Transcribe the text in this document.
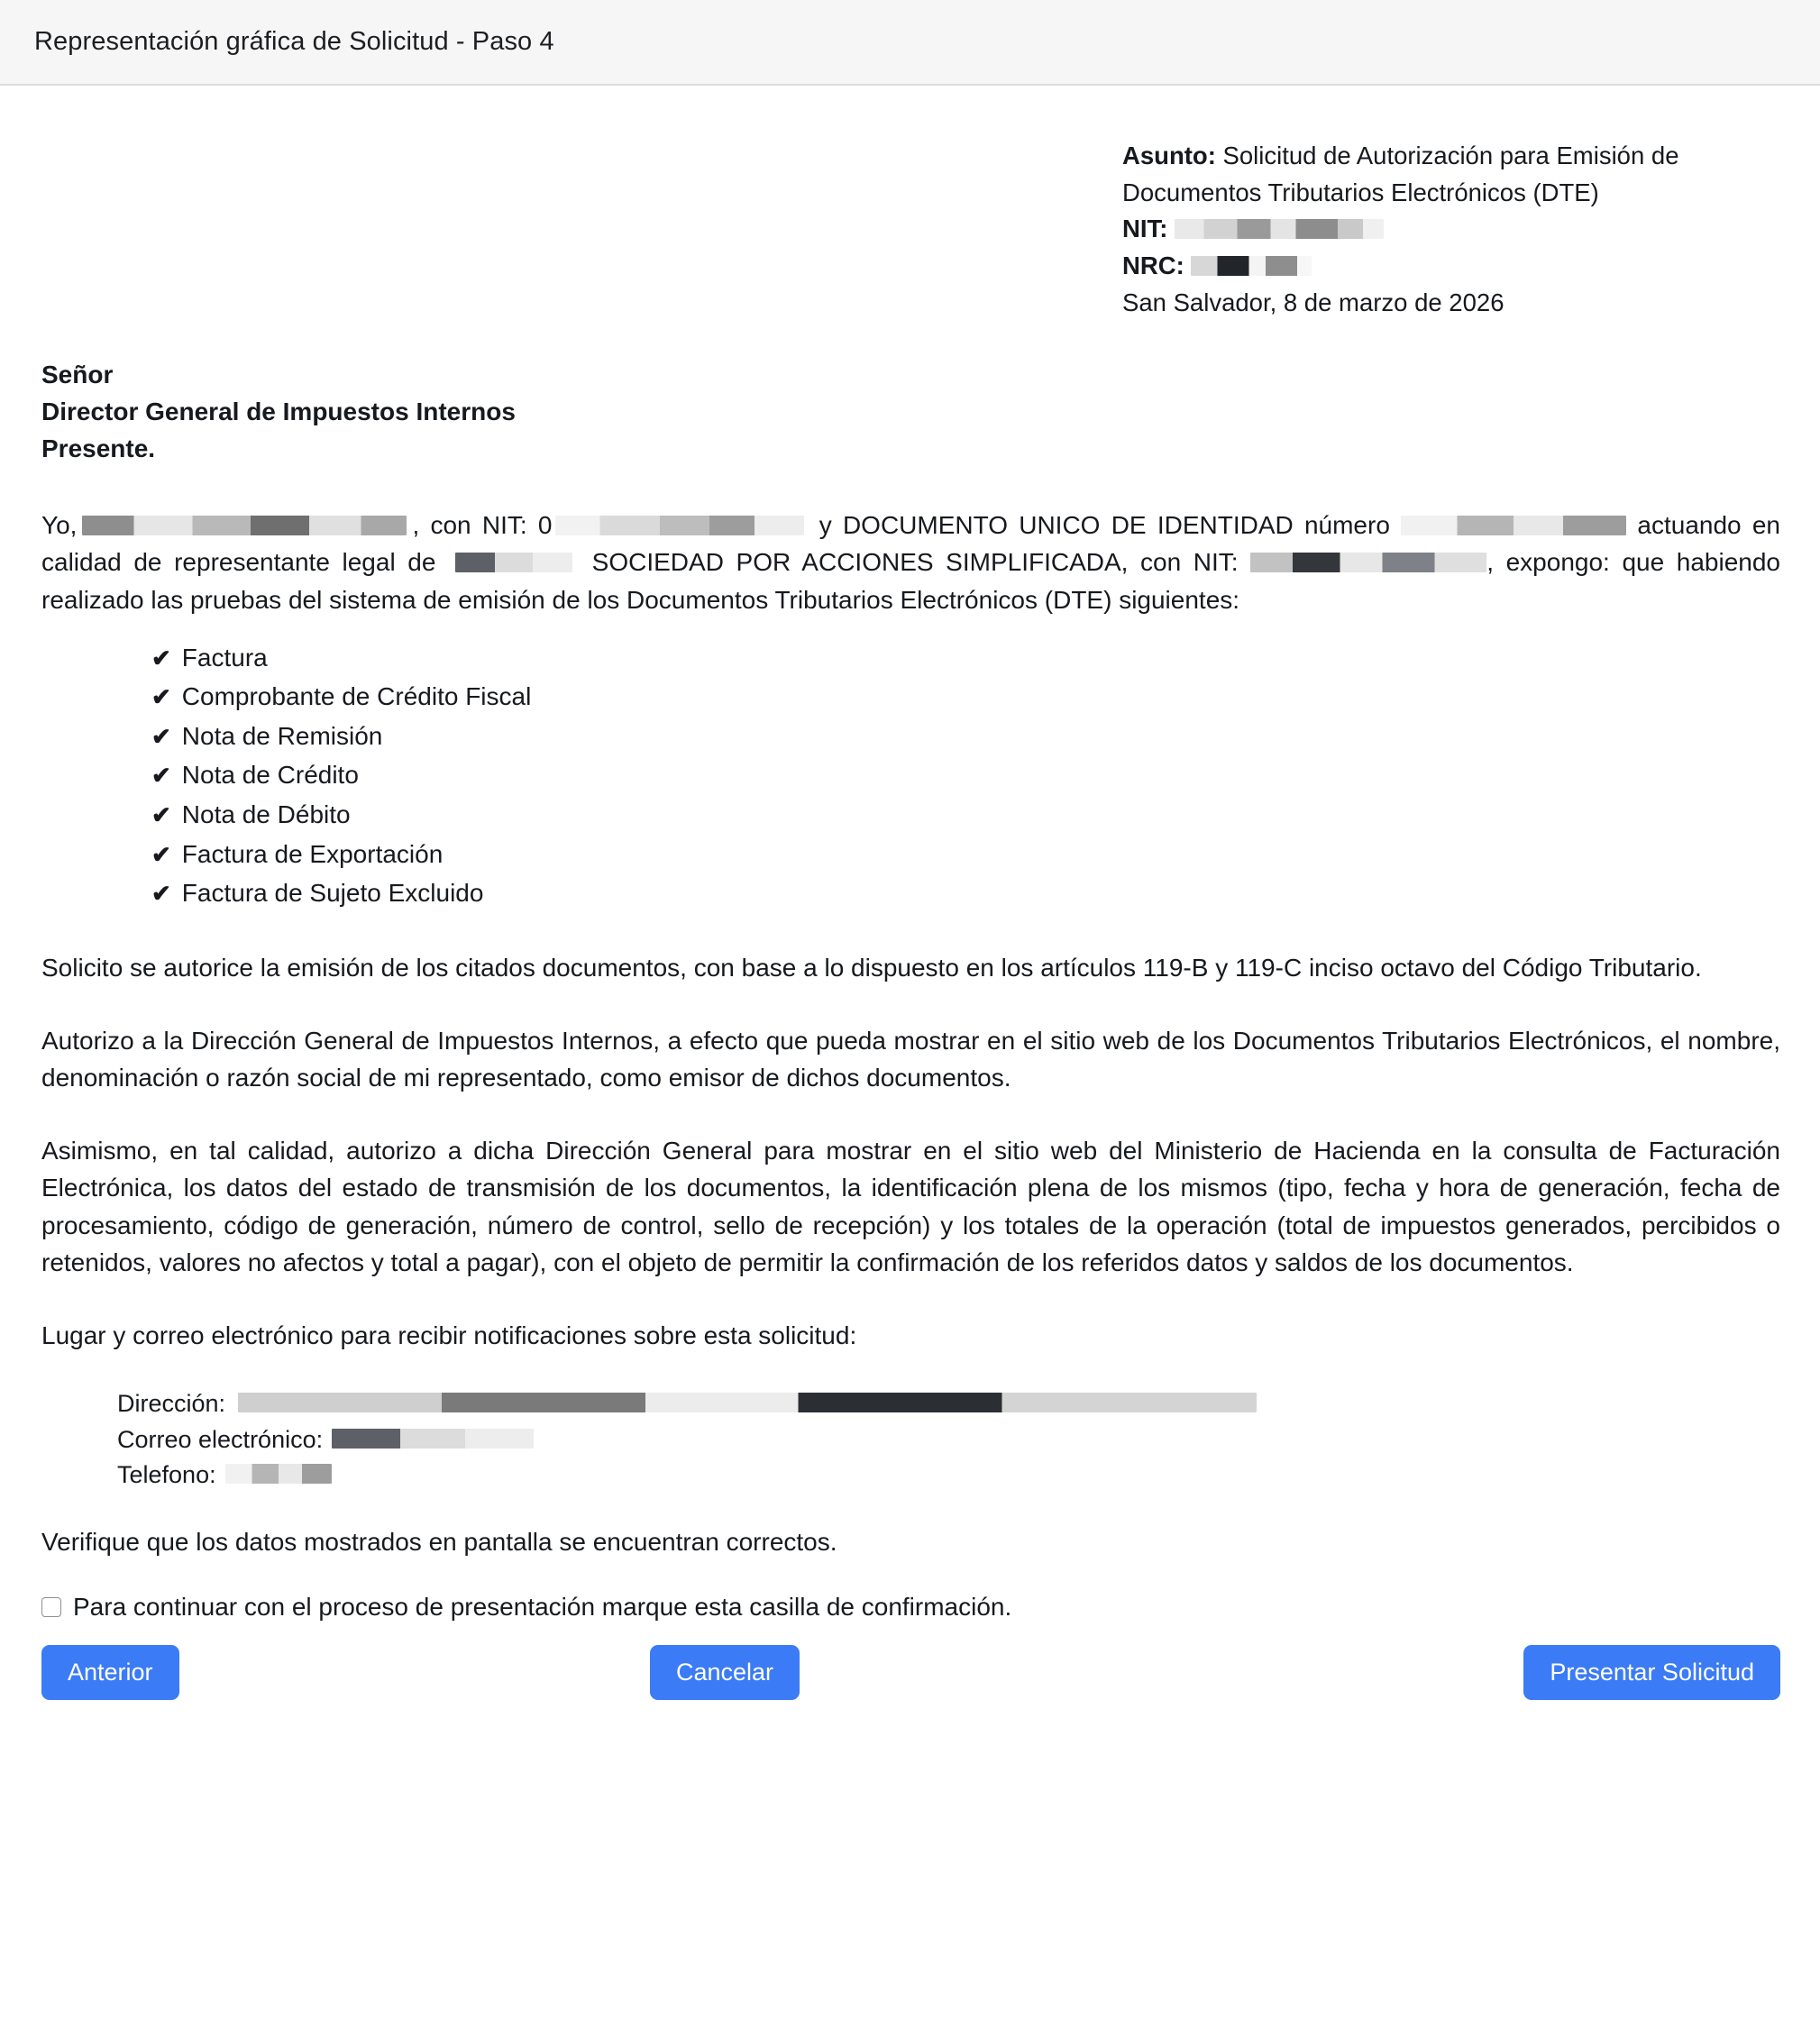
Representación gráfica de Solicitud - Paso 4
Asunto: Solicitud de Autorización para Emisión de Documentos Tributarios Electrónicos (DTE)
NIT:
NRC:
San Salvador, 8 de marzo de 2026
Señor
Director General de Impuestos Internos
Presente.

Yo,	, con NIT: 0	y DOCUMENTO UNICO DE IDENTIDAD número	actuando en calidad de representante legal de	SOCIEDAD POR ACCIONES SIMPLIFICADA, con NIT:	, expongo: que habiendo realizado las pruebas del sistema de emisión de los Documentos Tributarios Electrónicos (DTE) siguientes:

✔ Factura
✔ Comprobante de Crédito Fiscal
✔ Nota de Remisión
✔ Nota de Crédito
✔ Nota de Débito
✔ Factura de Exportación
✔ Factura de Sujeto Excluido

Solicito se autorice la emisión de los citados documentos, con base a lo dispuesto en los artículos 119-B y 119-C inciso octavo del Código Tributario.

Autorizo a la Dirección General de Impuestos Internos, a efecto que pueda mostrar en el sitio web de los Documentos Tributarios Electrónicos, el nombre, denominación o razón social de mi representado, como emisor de dichos documentos.

Asimismo, en tal calidad, autorizo a dicha Dirección General para mostrar en el sitio web del Ministerio de Hacienda en la consulta de Facturación Electrónica, los datos del estado de transmisión de los documentos, la identificación plena de los mismos (tipo, fecha y hora de generación, fecha de procesamiento, código de generación, número de control, sello de recepción) y los totales de la operación (total de impuestos generados, percibidos o retenidos, valores no afectos y total a pagar), con el objeto de permitir la confirmación de los referidos datos y saldos de los documentos.

Lugar y correo electrónico para recibir notificaciones sobre esta solicitud:

Dirección:
Correo electrónico:
Telefono:
Verifique que los datos mostrados en pantalla se encuentran correctos.
Para continuar con el proceso de presentación marque esta casilla de confirmación.
Anterior	Cancelar	Presentar Solicitud
